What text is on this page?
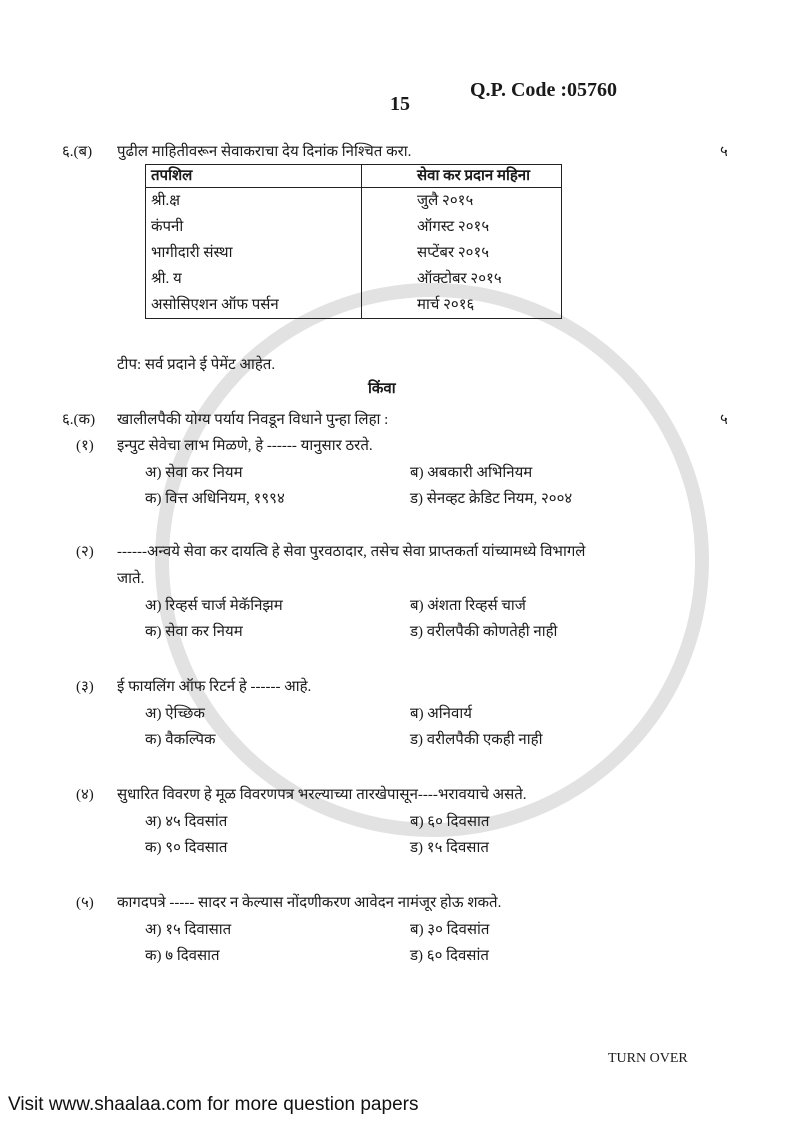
15
Q.P. Code :05760
६.(ब) पुढील माहितीवरून सेवाकराचा देय दिनांक निश्चित करा.	५
तपशिल	सेवा कर प्रदान महिना
श्री.क्ष	जुलै २०१५
कंपनी	ऑगस्ट २०१५
भागीदारी संस्था	सप्टेंबर २०१५
श्री. य	ऑक्टोबर २०१५
असोसिएशन ऑफ पर्सन	मार्च २०१६
टीप: सर्व प्रदाने ई पेमेंट आहेत.
किंवा
६.(क) खालीलपैकी योग्य पर्याय निवडून विधाने पुन्हा लिहा :	५
(१) इन्पुट सेवेचा लाभ मिळणे, हे ------ यानुसार ठरते.
अ) सेवा कर नियम	ब) अबकारी अभिनियम
क) वित्त अधिनियम, १९९४	ड) सेनव्हट क्रेडिट नियम, २००४
(२) ------अन्वये सेवा कर दायत्वि हे सेवा पुरवठादार, तसेच सेवा प्राप्तकर्ता यांच्यामध्ये विभागले
जाते.
अ) रिव्हर्स चार्ज मेकॅनिझम	ब) अंशता रिव्हर्स चार्ज
क) सेवा कर नियम	ड) वरीलपैकी कोणतेही नाही
(३) ई फायलिंग ऑफ रिटर्न हे ------ आहे.
अ) ऐच्छिक	ब) अनिवार्य
क) वैकल्पिक	ड) वरीलपैकी एकही नाही
(४) सुधारित विवरण हे मूळ विवरणपत्र भरल्याच्या तारखेपासून----भरावयाचे असते.
अ) ४५ दिवसांत	ब) ६० दिवसात
क) ९० दिवसात	ड) १५ दिवसात
(५) कागदपत्रे ----- सादर न केल्यास नोंदणीकरण आवेदन नामंजूर होऊ शकते.
अ) १५ दिवासात	ब) ३० दिवसांत
क) ७ दिवसात	ड) ६० दिवसांत
TURN OVER
Visit www.shaalaa.com for more question papers
